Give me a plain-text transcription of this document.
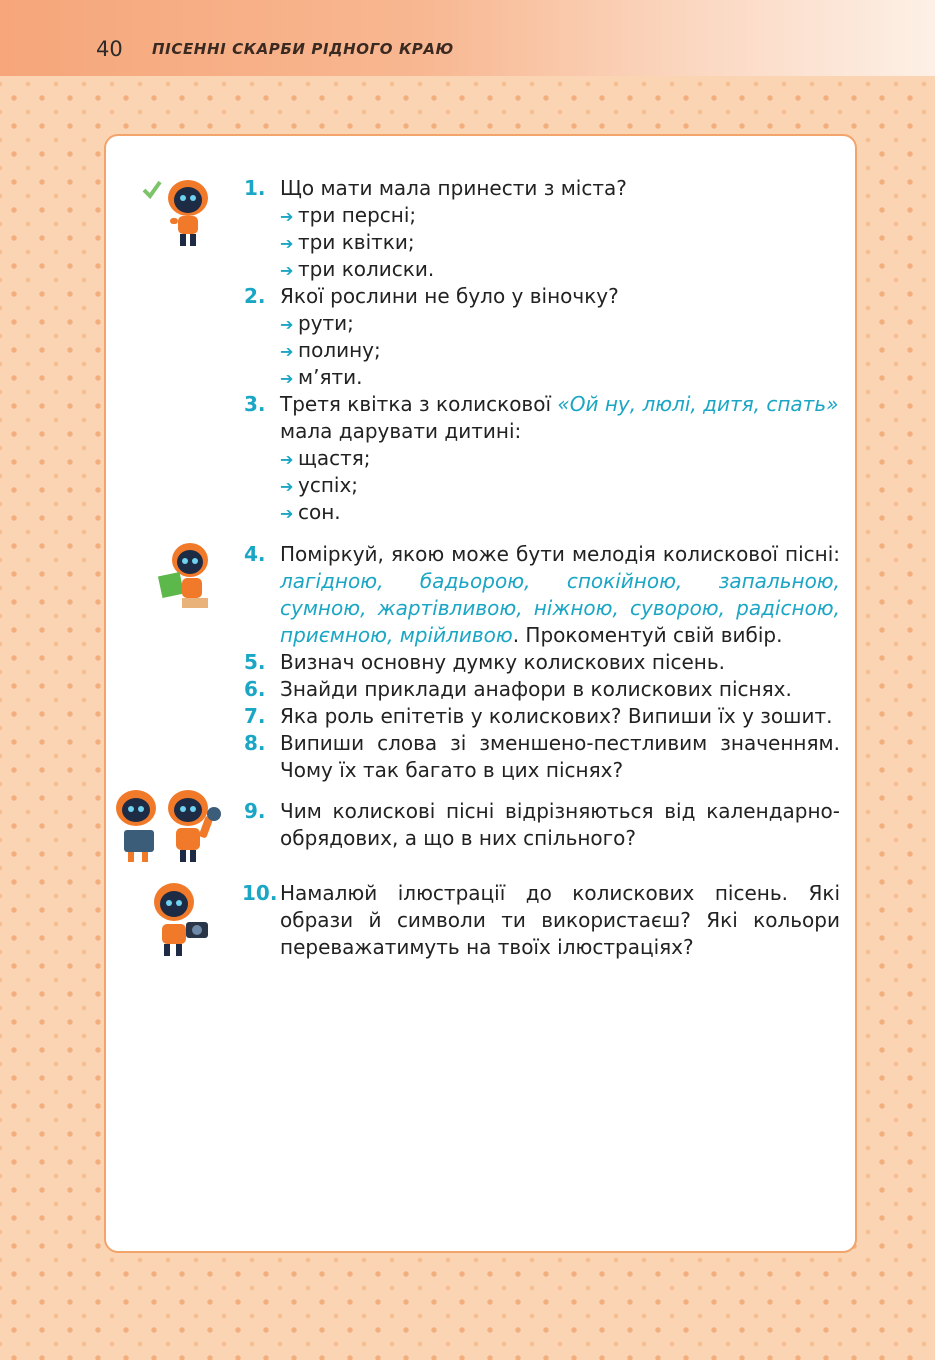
40 ПІСЕННІ СКАРБИ РІДНОГО КРАЮ
1. Що мати мала принести з міста?
➔ три персні;
➔ три квітки;
➔ три колиски.
2. Якої рослини не було у віночку?
➔ рути;
➔ полину;
➔ м’яти.
3. Третя квітка з колискової «Ой ну, люлі, дитя, спать»
мала дарувати дитині:
➔ щастя;
➔ успіх;
➔ сон.
4. Поміркуй, якою може бути мелодія колискової пісні: лагідною, бадьорою, спокійною, запальною, сумною, жартівливою, ніжною, суворою, радісною, приємною, мрійливою. Прокоментуй свій вибір.
5. Визнач основну думку колискових пісень.
6. Знайди приклади анафори в колискових піснях.
7. Яка роль епітетів у колискових? Випиши їх у зошит.
8. Випиши слова зі зменшено-пестливим значенням. Чому їх так багато в цих піснях?
9. Чим колискові пісні відрізняються від календарно-обрядових, а що в них спільного?
10. Намалюй ілюстрації до колискових пісень. Які образи й символи ти використаєш? Які кольори переважатимуть на твоїх ілюстраціях?
